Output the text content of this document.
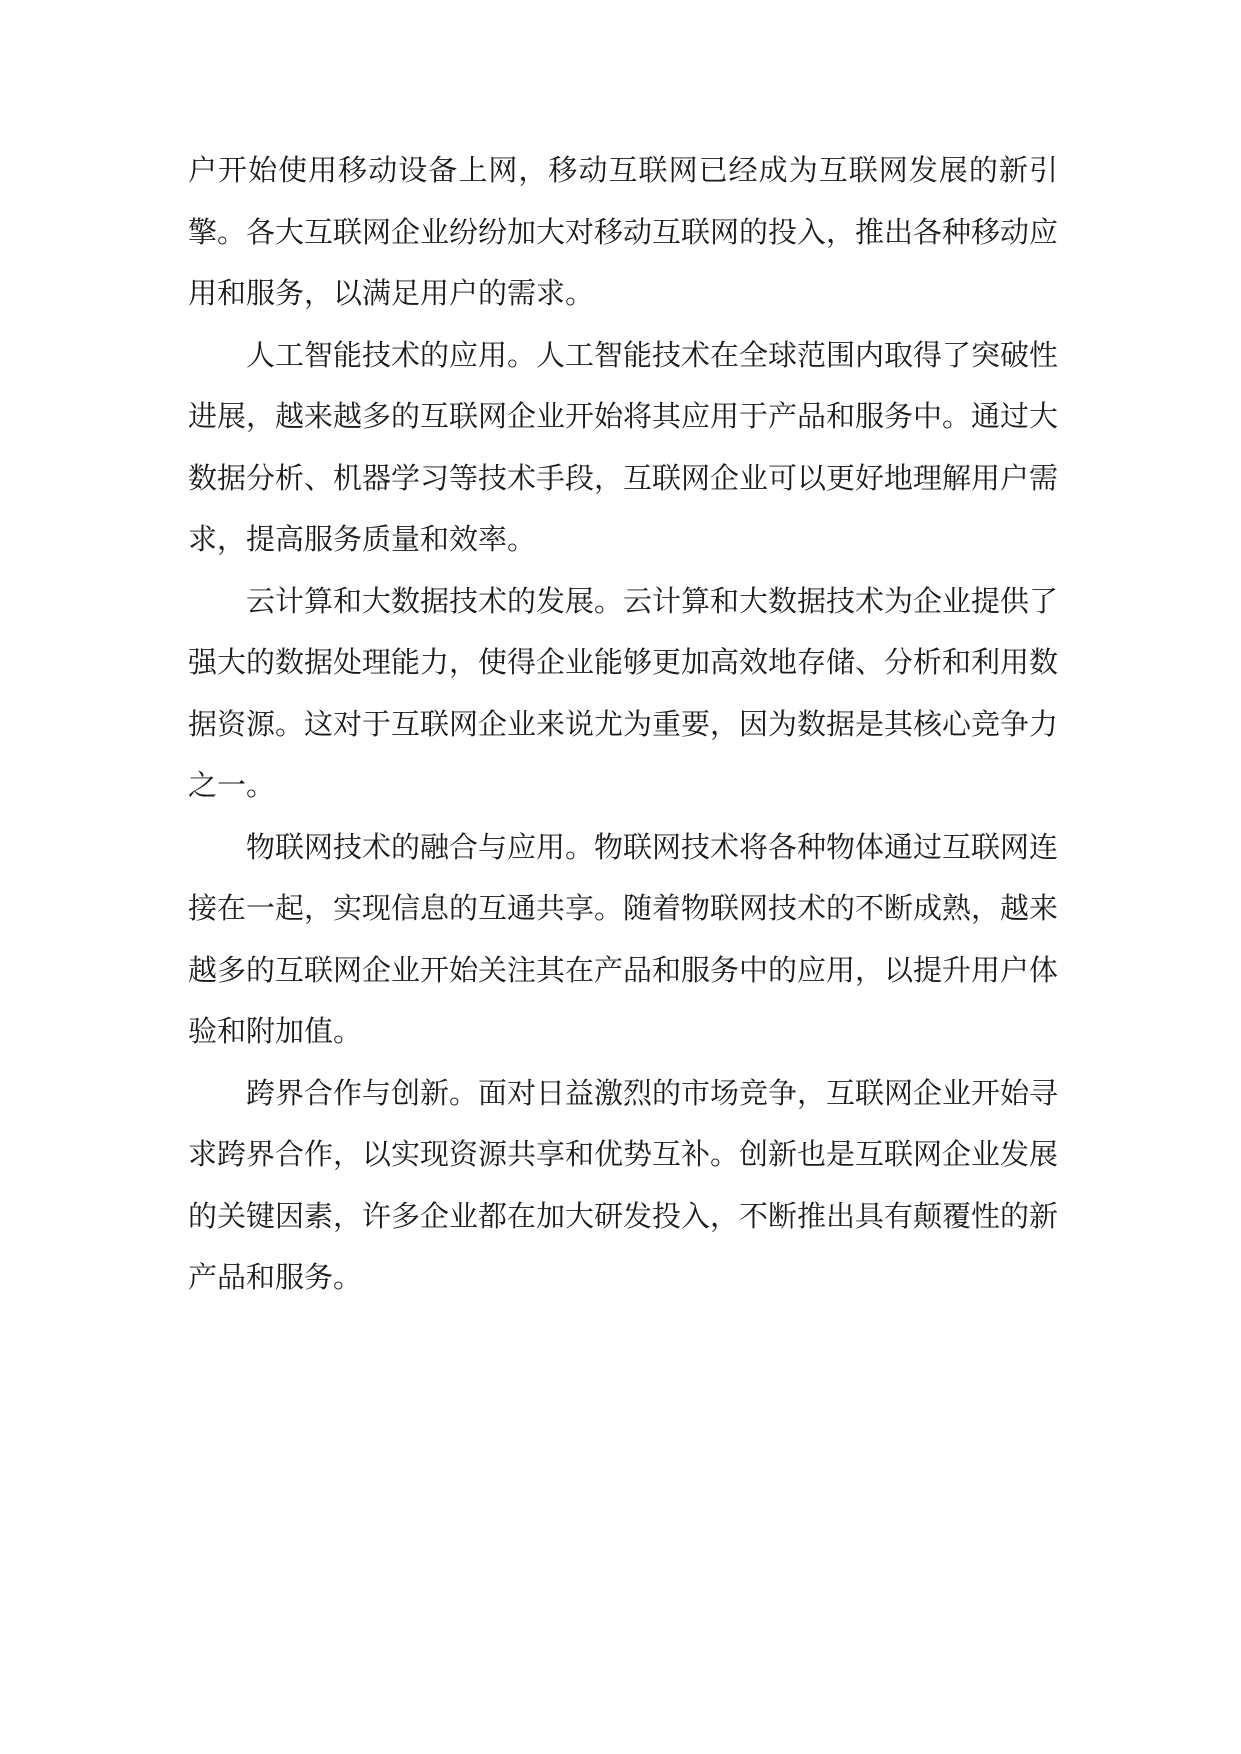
户开始使用移动设备上网，移动互联网已经成为互联网发展的新引擎。各大互联网企业纷纷加大对移动互联网的投入，推出各种移动应用和服务，以满足用户的需求。

人工智能技术的应用。人工智能技术在全球范围内取得了突破性进展，越来越多的互联网企业开始将其应用于产品和服务中。通过大数据分析、机器学习等技术手段，互联网企业可以更好地理解用户需求，提高服务质量和效率。

云计算和大数据技术的发展。云计算和大数据技术为企业提供了强大的数据处理能力，使得企业能够更加高效地存储、分析和利用数据资源。这对于互联网企业来说尤为重要，因为数据是其核心竞争力之一。

物联网技术的融合与应用。物联网技术将各种物体通过互联网连接在一起，实现信息的互通共享。随着物联网技术的不断成熟，越来越多的互联网企业开始关注其在产品和服务中的应用，以提升用户体验和附加值。

跨界合作与创新。面对日益激烈的市场竞争，互联网企业开始寻求跨界合作，以实现资源共享和优势互补。创新也是互联网企业发展的关键因素，许多企业都在加大研发投入，不断推出具有颠覆性的新产品和服务。
